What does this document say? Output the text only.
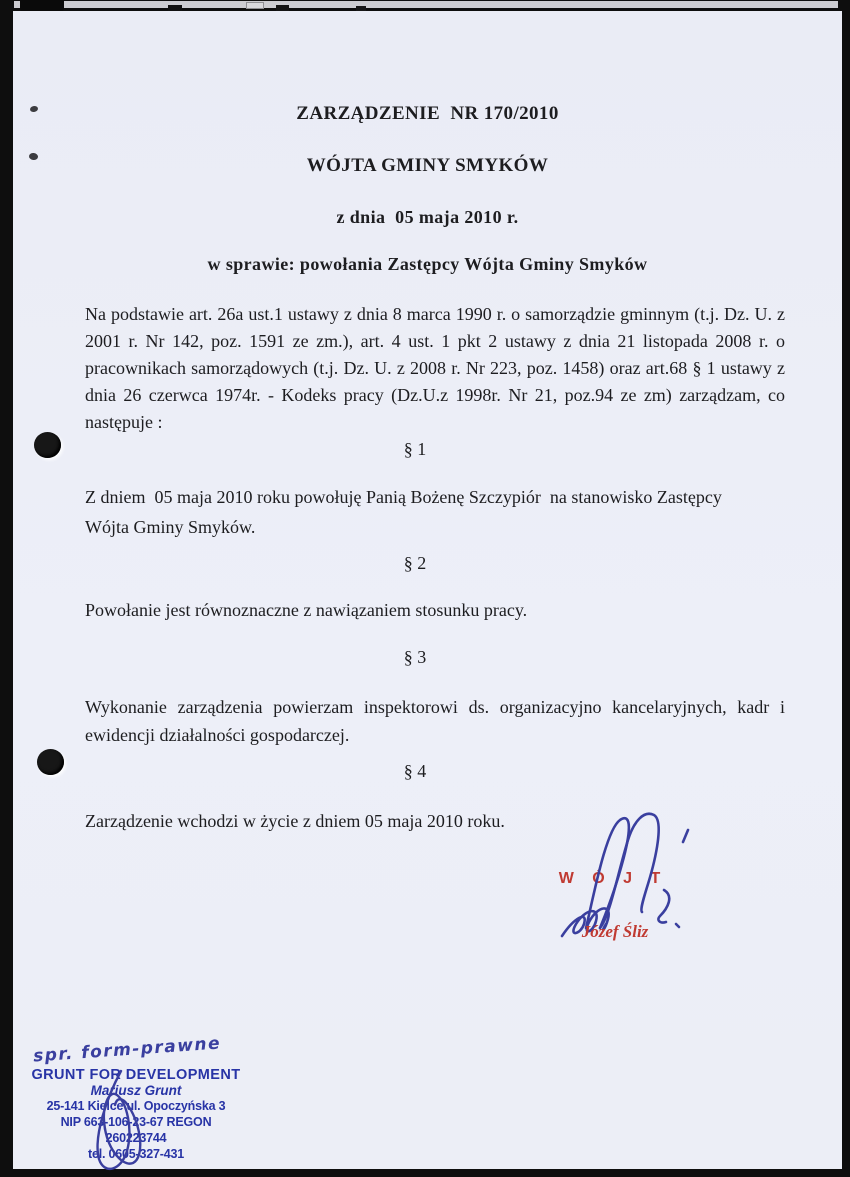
ZARZĄDZENIE  NR 170/2010
WÓJTA GMINY SMYKÓW
z dnia  05 maja 2010 r.
w sprawie: powołania Zastępcy Wójta Gminy Smyków
Na podstawie art. 26a ust.1 ustawy z dnia 8 marca 1990 r. o samorządzie gminnym (t.j. Dz. U. z 2001 r. Nr 142, poz. 1591 ze zm.), art. 4 ust. 1 pkt 2 ustawy z dnia 21 listopada 2008 r. o pracownikach samorządowych (t.j. Dz. U. z 2008 r. Nr 223, poz. 1458) oraz art.68 § 1 ustawy z dnia 26 czerwca 1974r. - Kodeks pracy (Dz.U.z 1998r. Nr 21, poz.94 ze zm) zarządzam, co następuje :
§ 1
Z dniem  05 maja 2010 roku powołuję Panią Bożenę Szczypiór  na stanowisko Zastępcy Wójta Gminy Smyków.
§ 2
Powołanie jest równoznaczne z nawiązaniem stosunku pracy.
§ 3
Wykonanie zarządzenia powierzam inspektorowi ds. organizacyjno kancelaryjnych, kadr i ewidencji działalności gospodarczej.
§ 4
Zarządzenie wchodzi w życie z dniem 05 maja 2010 roku.
W Ó J T
Józef Śliz
spr. form-prawne
GRUNT FOR DEVELOPMENT
Mariusz Grunt
25-141 Kielce ul. Opoczyńska 3
NIP 663-106-23-67 REGON 260223744
tel. 0605-327-431
